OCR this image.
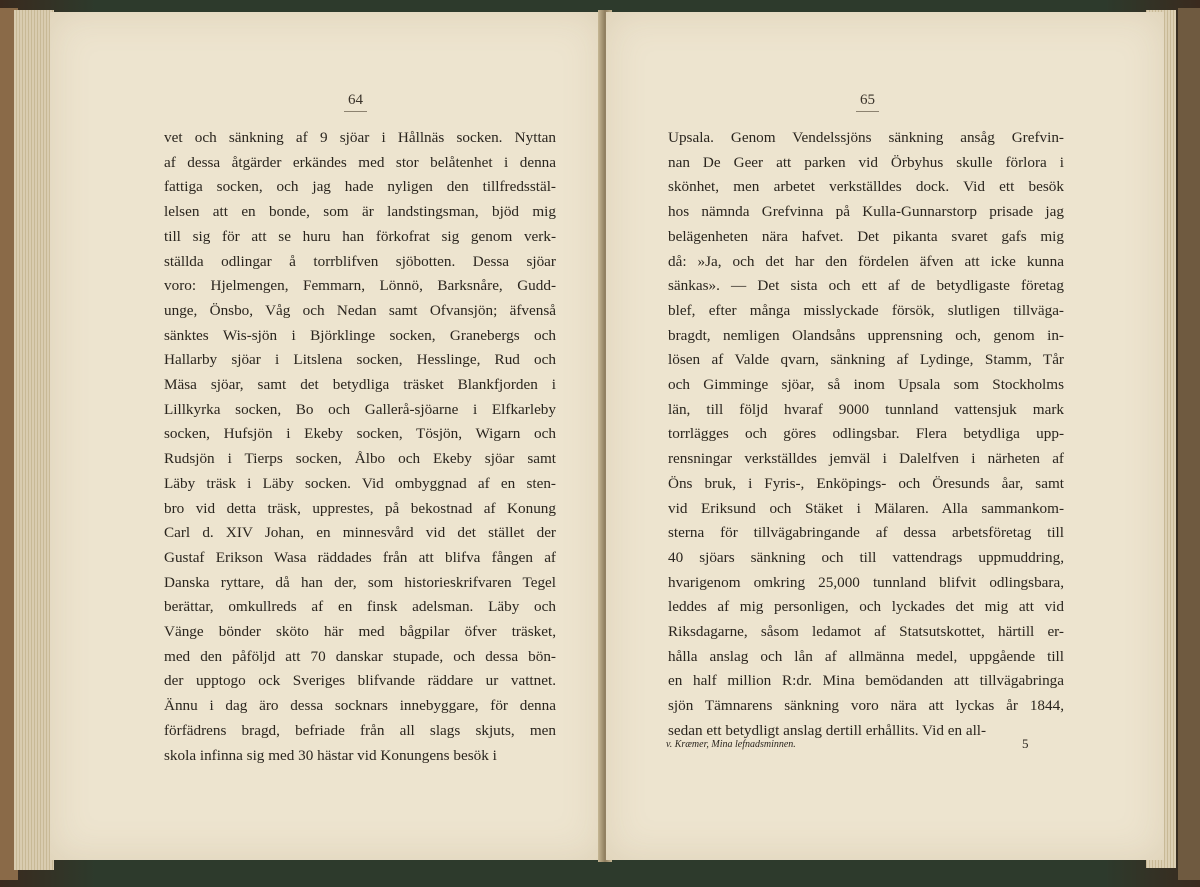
64
vet och sänkning af 9 sjöar i Hållnäs socken. Nyttan
af dessa åtgärder erkändes med stor belåtenhet i denna
fattiga socken, och jag hade nyligen den tillfredsstäl-
lelsen att en bonde, som är landstingsman, bjöd mig
till sig för att se huru han förkofrat sig genom verk-
ställda odlingar å torrblifven sjöbotten. Dessa sjöar
voro: Hjelmengen, Femmarn, Lönnö, Barksnåre, Gudd-
unge, Önsbo, Våg och Nedan samt Ofvansjön; äfvenså
sänktes Wis-sjön i Björklinge socken, Granebergs och
Hallarby sjöar i Litslena socken, Hesslinge, Rud och
Mäsa sjöar, samt det betydliga träsket Blankfjorden i
Lillkyrka socken, Bo och Gallerå-sjöarne i Elfkarleby
socken, Hufsjön i Ekeby socken, Tösjön, Wigarn och
Rudsjön i Tierps socken, Ålbo och Ekeby sjöar samt
Läby träsk i Läby socken. Vid ombyggnad af en sten-
bro vid detta träsk, upprestes, på bekostnad af Konung
Carl d. XIV Johan, en minnesvård vid det stället der
Gustaf Erikson Wasa räddades från att blifva fången af
Danska ryttare, då han der, som historieskrifvaren Tegel
berättar, omkullreds af en finsk adelsman. Läby och
Vänge bönder sköto här med bågpilar öfver träsket,
med den påföljd att 70 danskar stupade, och dessa bön-
der upptogo ock Sveriges blifvande räddare ur vattnet.
Ännu i dag äro dessa socknars innebyggare, för denna
förfädrens bragd, befriade från all slags skjuts, men
skola infinna sig med 30 hästar vid Konungens besök i
65
Upsala. Genom Vendelssjöns sänkning ansåg Grefvin-
nan De Geer att parken vid Örbyhus skulle förlora i
skönhet, men arbetet verkställdes dock. Vid ett besök
hos nämnda Grefvinna på Kulla-Gunnarstorp prisade jag
belägenheten nära hafvet. Det pikanta svaret gafs mig
då: »Ja, och det har den fördelen äfven att icke kunna
sänkas». — Det sista och ett af de betydligaste företag
blef, efter många misslyckade försök, slutligen tillväga-
bragdt, nemligen Olandsåns upprensning och, genom in-
lösen af Valde qvarn, sänkning af Lydinge, Stamm, Tår
och Gimminge sjöar, så inom Upsala som Stockholms
län, till följd hvaraf 9000 tunnland vattensjuk mark
torrlägges och göres odlingsbar. Flera betydliga upp-
rensningar verkställdes jemväl i Dalelfven i närheten af
Öns bruk, i Fyris-, Enköpings- och Öresunds åar, samt
vid Eriksund och Stäket i Mälaren. Alla sammankom-
sterna för tillvägabringande af dessa arbetsföretag till
40 sjöars sänkning och till vattendrags uppmuddring,
hvarigenom omkring 25,000 tunnland blifvit odlingsbara,
leddes af mig personligen, och lyckades det mig att vid
Riksdagarne, såsom ledamot af Statsutskottet, härtill er-
hålla anslag och lån af allmänna medel, uppgående till
en half million R:dr. Mina bemödanden att tillvägabringa
sjön Tämnarens sänkning voro nära att lyckas år 1844,
sedan ett betydligt anslag dertill erhållits. Vid en all-
v. Kræmer, Mina lefnadsminnen.	5
